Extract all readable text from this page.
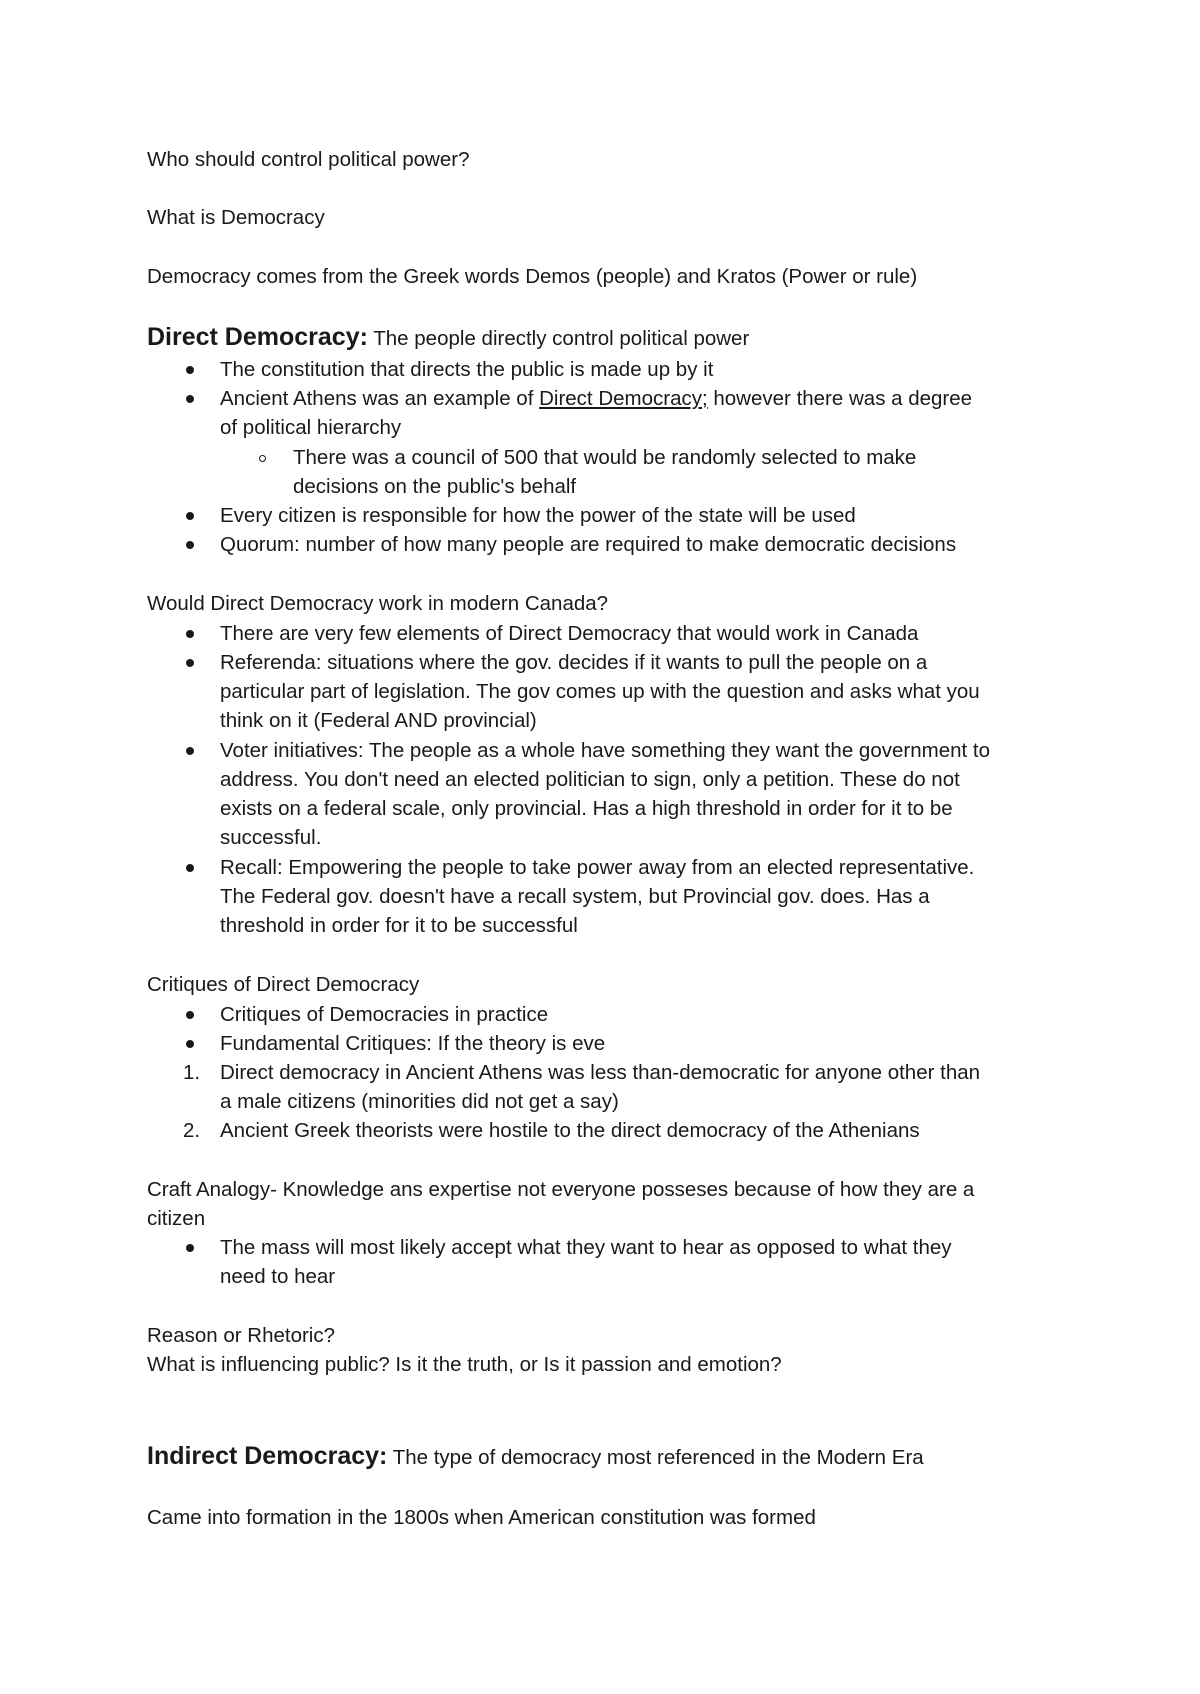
Who should control political power?
What is Democracy
Democracy comes from the Greek words Demos (people) and Kratos (Power or rule)
Direct Democracy: The people directly control political power
The constitution that directs the public is made up by it
Ancient Athens was an example of Direct Democracy; however there was a degree
of political hierarchy
There was a council of 500 that would be randomly selected to make
decisions on the public's behalf
Every citizen is responsible for how the power of the state will be used
Quorum: number of how many people are required to make democratic decisions
Would Direct Democracy work in modern Canada?
There are very few elements of Direct Democracy that would work in Canada
Referenda: situations where the gov. decides if it wants to pull the people on a
particular part of legislation. The gov comes up with the question and asks what you
think on it (Federal AND provincial)
Voter initiatives: The people as a whole have something they want the government to
address. You don't need an elected politician to sign, only a petition. These do not
exists on a federal scale, only provincial. Has a high threshold in order for it to be
successful.
Recall: Empowering the people to take power away from an elected representative.
The Federal gov. doesn't have a recall system, but Provincial gov. does. Has a
threshold in order for it to be successful
Critiques of Direct Democracy
Critiques of Democracies in practice
Fundamental Critiques: If the theory is eve
1. Direct democracy in Ancient Athens was less than-democratic for anyone other than
a male citizens (minorities did not get a say)
2. Ancient Greek theorists were hostile to the direct democracy of the Athenians
Craft Analogy- Knowledge ans expertise not everyone posseses because of how they are a
citizen
The mass will most likely accept what they want to hear as opposed to what they
need to hear
Reason or Rhetoric?
What is influencing public? Is it the truth, or Is it passion and emotion?
Indirect Democracy: The type of democracy most referenced in the Modern Era
Came into formation in the 1800s when American constitution was formed
